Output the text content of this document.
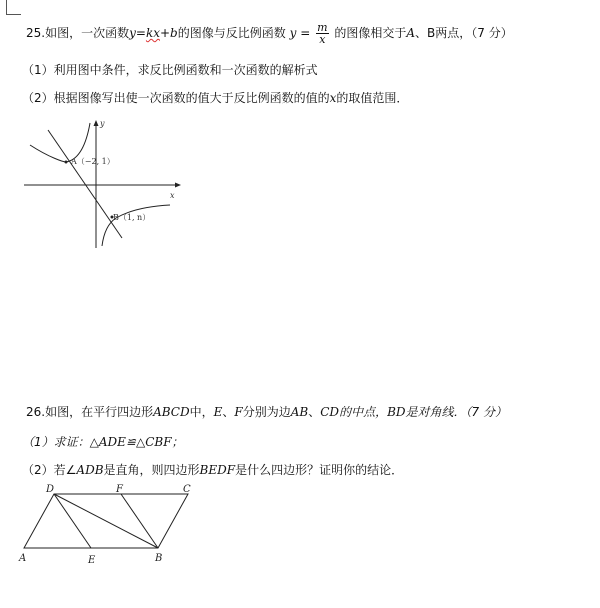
25.如图，一次函数y=kx+b的图像与反比例函数 $y = \frac{m}{x}$ 的图像相交于A、B两点，（7 分）
（1）利用图中条件，求反比例函数和一次函数的解析式
（2）根据图像写出使一次函数的值大于反比例函数的值的x的取值范围．
y
x
A（−2, 1）
B（1, n）
26.如图，在平行四边形ABCD中，E、F分别为边AB、CD的中点，BD是对角线．（7 分）
（1）求证：△ADE≌△CBF；
（2）若∠ADB是直角，则四边形BEDF是什么四边形？证明你的结论．
D	F	C
A	E	B
